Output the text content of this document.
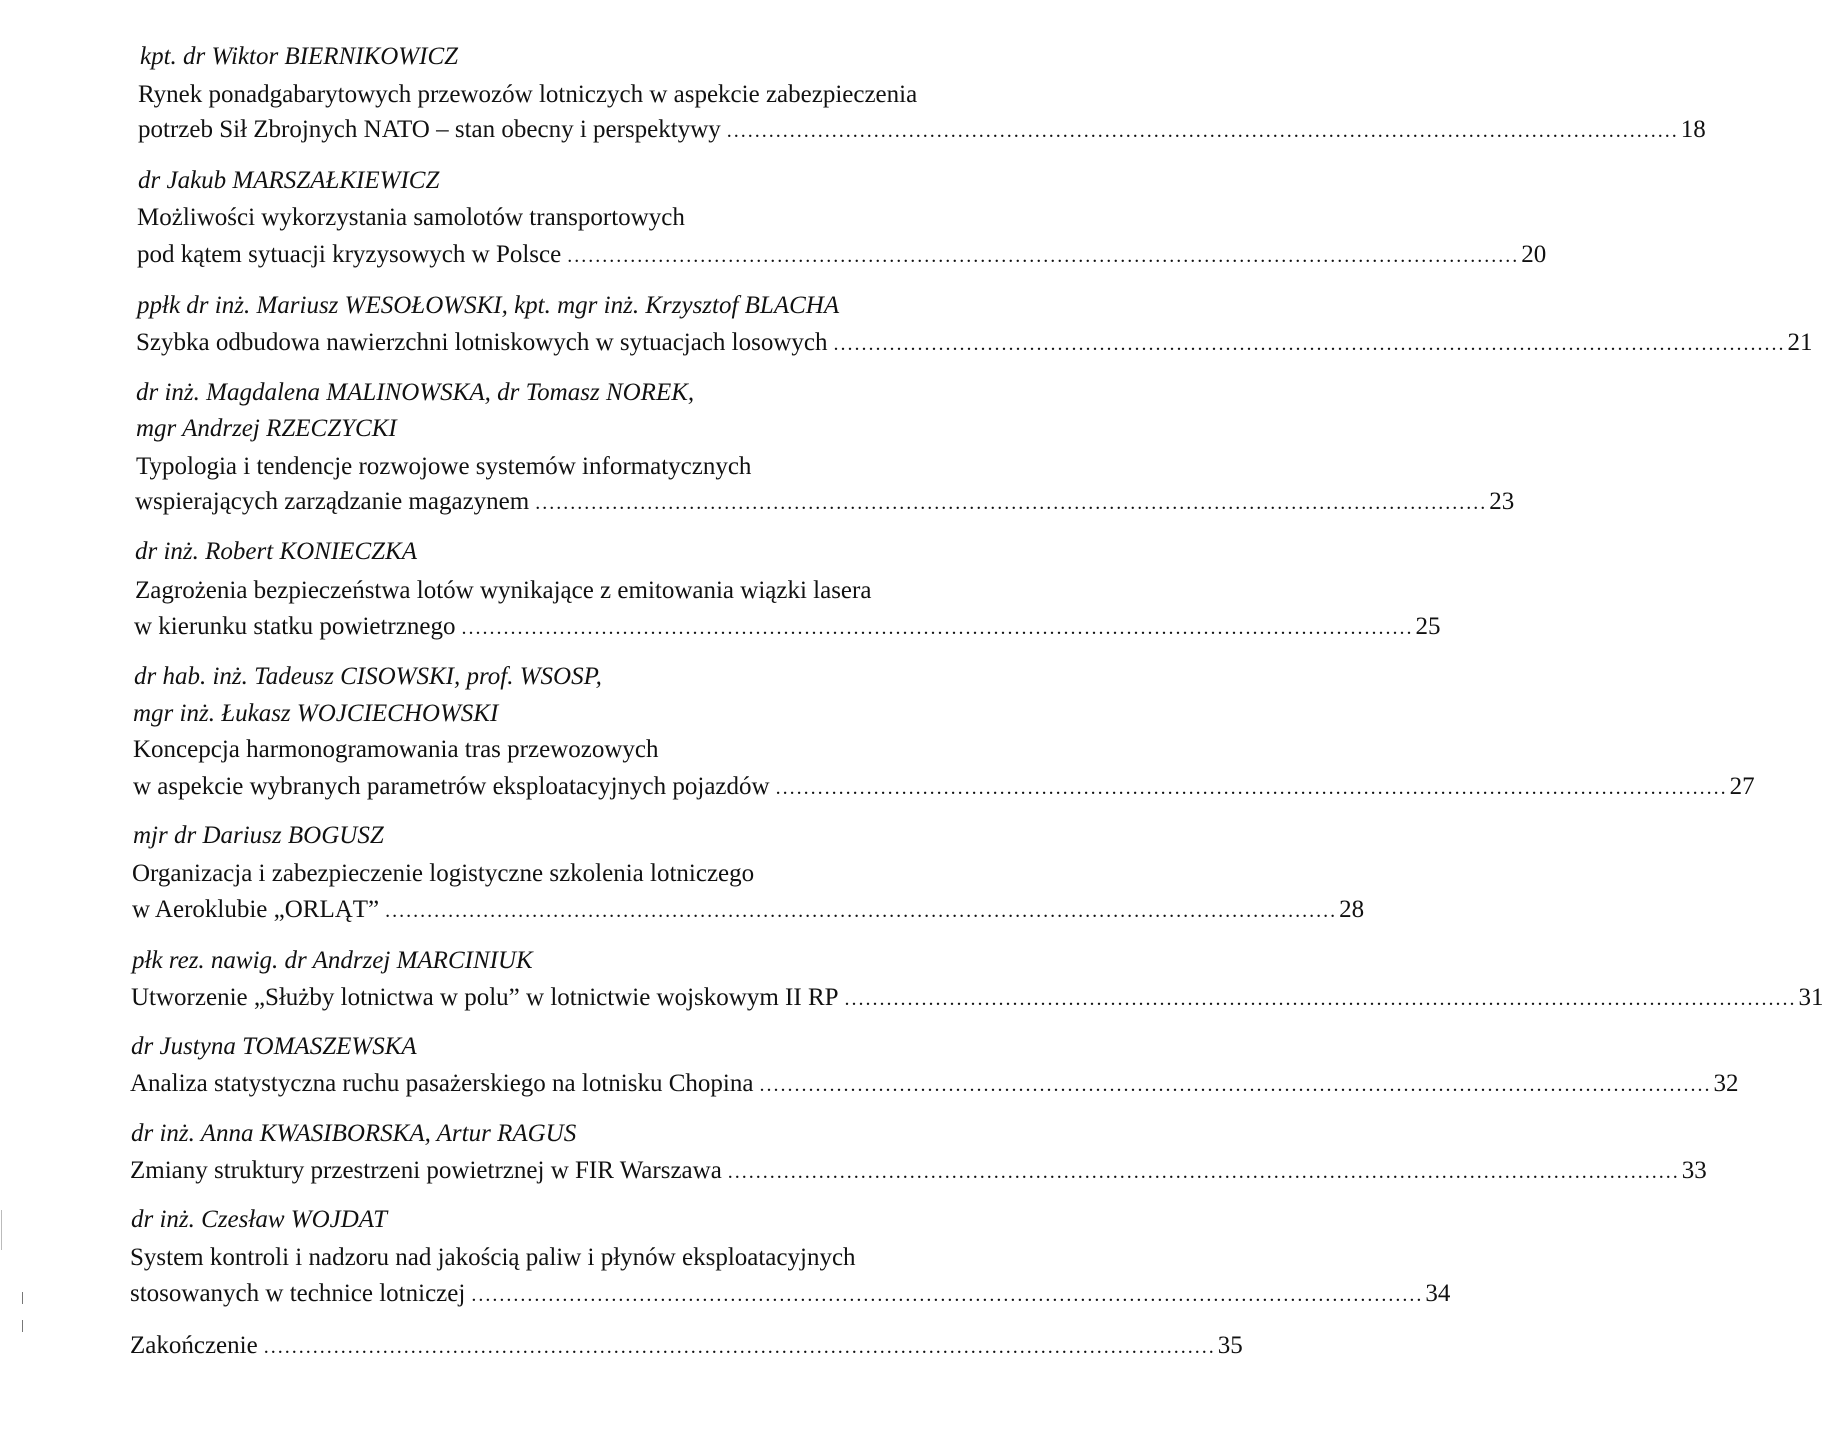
kpt. dr Wiktor BIERNIKOWICZ
Rynek ponadgabarytowych przewozów lotniczych w aspekcie zabezpieczenia
potrzeb Sił Zbrojnych NATO – stan obecny i perspektywy ........................................................................................................................................ 18
dr Jakub MARSZAŁKIEWICZ
Możliwości wykorzystania samolotów transportowych
pod kątem sytuacji kryzysowych w Polsce ........................................................................................................................................ 20
ppłk dr inż. Mariusz WESOŁOWSKI, kpt. mgr inż. Krzysztof BLACHA
Szybka odbudowa nawierzchni lotniskowych w sytuacjach losowych ........................................................................................................................................ 21
dr inż. Magdalena MALINOWSKA, dr Tomasz NOREK,
mgr Andrzej RZECZYCKI
Typologia i tendencje rozwojowe systemów informatycznych
wspierających zarządzanie magazynem ........................................................................................................................................ 23
dr inż. Robert KONIECZKA
Zagrożenia bezpieczeństwa lotów wynikające z emitowania wiązki lasera
w kierunku statku powietrznego ........................................................................................................................................ 25
dr hab. inż. Tadeusz CISOWSKI, prof. WSOSP,
mgr inż. Łukasz WOJCIECHOWSKI
Koncepcja harmonogramowania tras przewozowych
w aspekcie wybranych parametrów eksploatacyjnych pojazdów ........................................................................................................................................ 27
mjr dr Dariusz BOGUSZ
Organizacja i zabezpieczenie logistyczne szkolenia lotniczego
w Aeroklubie „ORLĄT” ........................................................................................................................................ 28
płk rez. nawig. dr Andrzej MARCINIUK
Utworzenie „Służby lotnictwa w polu” w lotnictwie wojskowym II RP ........................................................................................................................................ 31
dr Justyna TOMASZEWSKA
Analiza statystyczna ruchu pasażerskiego na lotnisku Chopina ........................................................................................................................................ 32
dr inż. Anna KWASIBORSKA, Artur RAGUS
Zmiany struktury przestrzeni powietrznej w FIR Warszawa ........................................................................................................................................ 33
dr inż. Czesław WOJDAT
System kontroli i nadzoru nad jakością paliw i płynów eksploatacyjnych
stosowanych w technice lotniczej ........................................................................................................................................ 34
Zakończenie ........................................................................................................................................ 35
